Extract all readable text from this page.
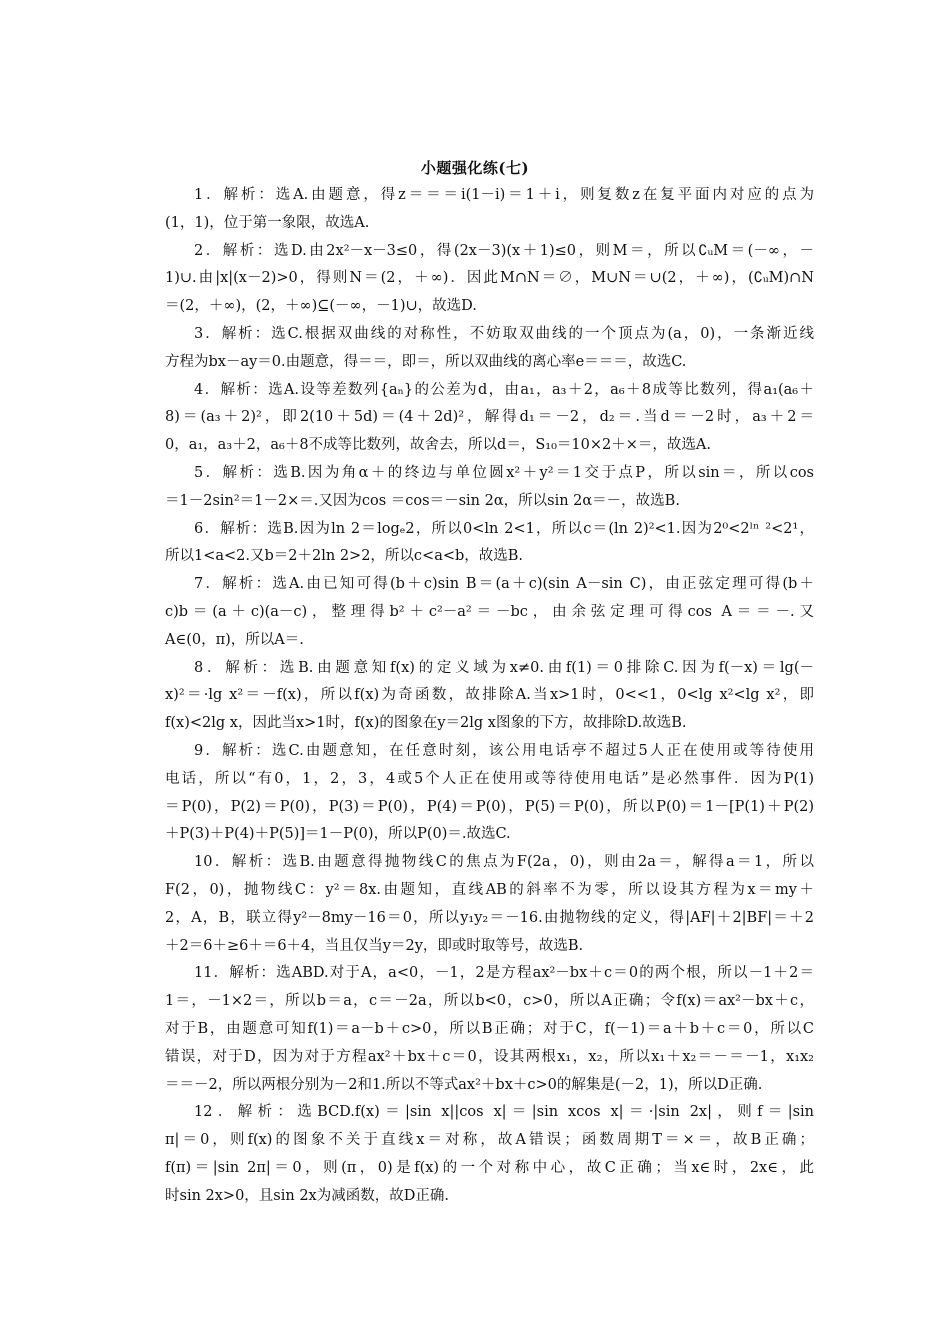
小题强化练(七)
1．解析：选A.由题意，得z＝＝＝i(1－i)＝1＋i，则复数z在复平面内对应的点为
(1，1)，位于第一象限，故选A.
2．解析：选D.由2x²－x－3≤0，得(2x－3)(x＋1)≤0，则M＝，所以∁ᵤM＝(－∞，－
1)∪.由|x|(x－2)>0，得则N＝(2，＋∞)．因此M∩N＝∅，M∪N＝∪(2，＋∞)，(∁ᵤM)∩N
＝(2，＋∞)，(2，＋∞)⊆(－∞，－1)∪，故选D.
3．解析：选C.根据双曲线的对称性，不妨取双曲线的一个顶点为(a，0)，一条渐近线
方程为bx－ay＝0.由题意，得＝＝，即＝，所以双曲线的离心率e＝＝＝，故选C.
4．解析：选A.设等差数列{aₙ}的公差为d，由a₁，a₃＋2，a₆＋8成等比数列，得a₁(a₆＋
8)＝(a₃＋2)²，即2(10＋5d)＝(4＋2d)²，解得d₁＝－2，d₂＝.当d＝－2时，a₃＋2＝
0，a₁，a₃＋2，a₆＋8不成等比数列，故舍去，所以d＝，S₁₀＝10×2＋×＝，故选A.
5．解析：选B.因为角α＋的终边与单位圆x²＋y²＝1交于点P，所以sin＝，所以cos
＝1－2sin²＝1－2×＝.又因为cos ＝cos＝－sin 2α，所以sin 2α＝－，故选B.
6．解析：选B.因为ln 2＝logₑ2，所以0<ln 2<1，所以c＝(ln 2)²<1.因为2⁰<2ˡⁿ ²<2¹，
所以1<a<2.又b＝2＋2ln 2>2，所以c<a<b，故选B.
7．解析：选A.由已知可得(b＋c)sin B＝(a＋c)(sin A－sin C)，由正弦定理可得(b＋
c)b＝(a＋c)(a－c)，整理得b²＋c²－a²＝－bc，由余弦定理可得cos A＝＝－.又
A∈(0，π)，所以A＝.
8．解析：选B.由题意知f(x)的定义域为x≠0.由f(1)＝0排除C.因为f(－x)＝lg(－
x)²＝·lg x²＝－f(x)，所以f(x)为奇函数，故排除A.当x>1时，0<<1，0<lg x²<lg x²，即
f(x)<2lg x，因此当x>1时，f(x)的图象在y＝2lg x图象的下方，故排除D.故选B.
9．解析：选C.由题意知，在任意时刻，该公用电话亭不超过5人正在使用或等待使用
电话，所以“有0，1，2，3，4或5个人正在使用或等待使用电话”是必然事件．因为P(1)
＝P(0)，P(2)＝P(0)，P(3)＝P(0)，P(4)＝P(0)，P(5)＝P(0)，所以P(0)＝1－[P(1)＋P(2)
＋P(3)＋P(4)＋P(5)]＝1－P(0)，所以P(0)＝.故选C.
10．解析：选B.由题意得抛物线C的焦点为F(2a，0)，则由2a＝，解得a＝1，所以
F(2，0)，抛物线C：y²＝8x.由题知，直线AB的斜率不为零，所以设其方程为x＝my＋
2，A，B，联立得y²－8my－16＝0，所以y₁y₂＝－16.由抛物线的定义，得|AF|＋2|BF|＝＋2
＋2＝6＋≥6＋＝6＋4，当且仅当y＝2y，即或时取等号，故选B.
11．解析：选ABD.对于A，a<0，－1，2是方程ax²－bx＋c＝0的两个根，所以－1＋2＝
1＝，－1×2＝，所以b＝a，c＝－2a，所以b<0，c>0，所以A正确；令f(x)＝ax²－bx＋c，
对于B，由题意可知f(1)＝a－b＋c>0，所以B正确；对于C，f(－1)＝a＋b＋c＝0，所以C
错误，对于D，因为对于方程ax²＋bx＋c＝0，设其两根x₁，x₂，所以x₁＋x₂＝－＝－1，x₁x₂
＝＝－2，所以两根分别为－2和1.所以不等式ax²＋bx＋c>0的解集是(－2，1)，所以D正确.
12．解析：选BCD.f(x)＝|sin x||cos x|＝|sin xcos x|＝·|sin 2x|，则f＝|sin
π|＝0，则f(x)的图象不关于直线x＝对称，故A错误；函数周期T＝×＝，故B正确；
f(π)＝|sin 2π|＝0，则(π，0)是f(x)的一个对称中心，故C正确；当x∈时，2x∈，此
时sin 2x>0，且sin 2x为减函数，故D正确.
